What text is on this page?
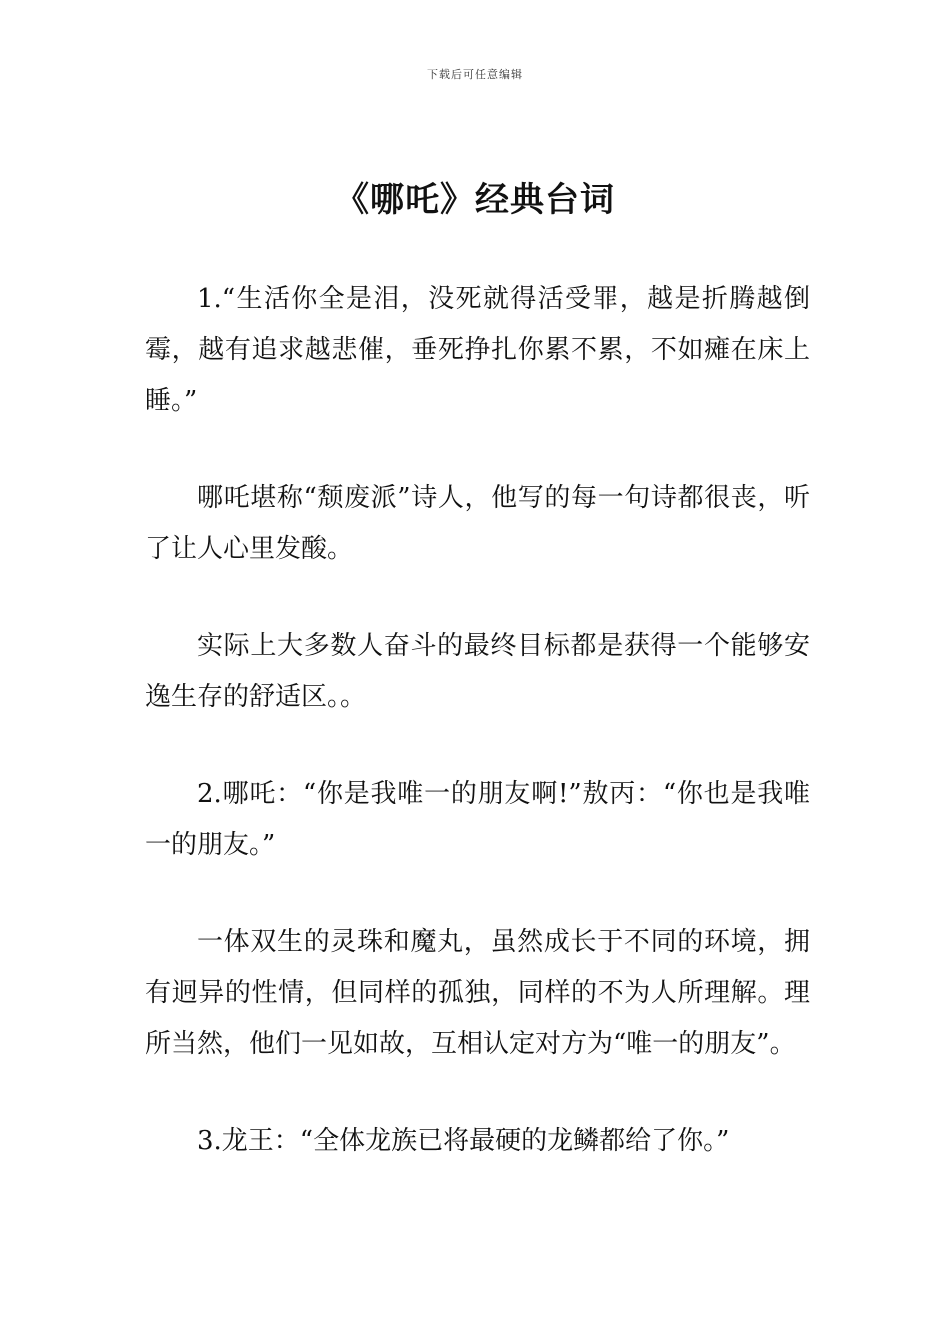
下载后可任意编辑
《哪吒》经典台词

1.“生活你全是泪，没死就得活受罪，越是折腾越倒霉，越有追求越悲催，垂死挣扎你累不累，不如瘫在床上睡。”

哪吒堪称“颓废派”诗人，他写的每一句诗都很丧，听了让人心里发酸。

实际上大多数人奋斗的最终目标都是获得一个能够安逸生存的舒适区。。

2.哪吒：“你是我唯一的朋友啊!”敖丙：“你也是我唯一的朋友。”

一体双生的灵珠和魔丸，虽然成长于不同的环境，拥有迥异的性情，但同样的孤独，同样的不为人所理解。理所当然，他们一见如故，互相认定对方为“唯一的朋友”。

3.龙王：“全体龙族已将最硬的龙鳞都给了你。”
